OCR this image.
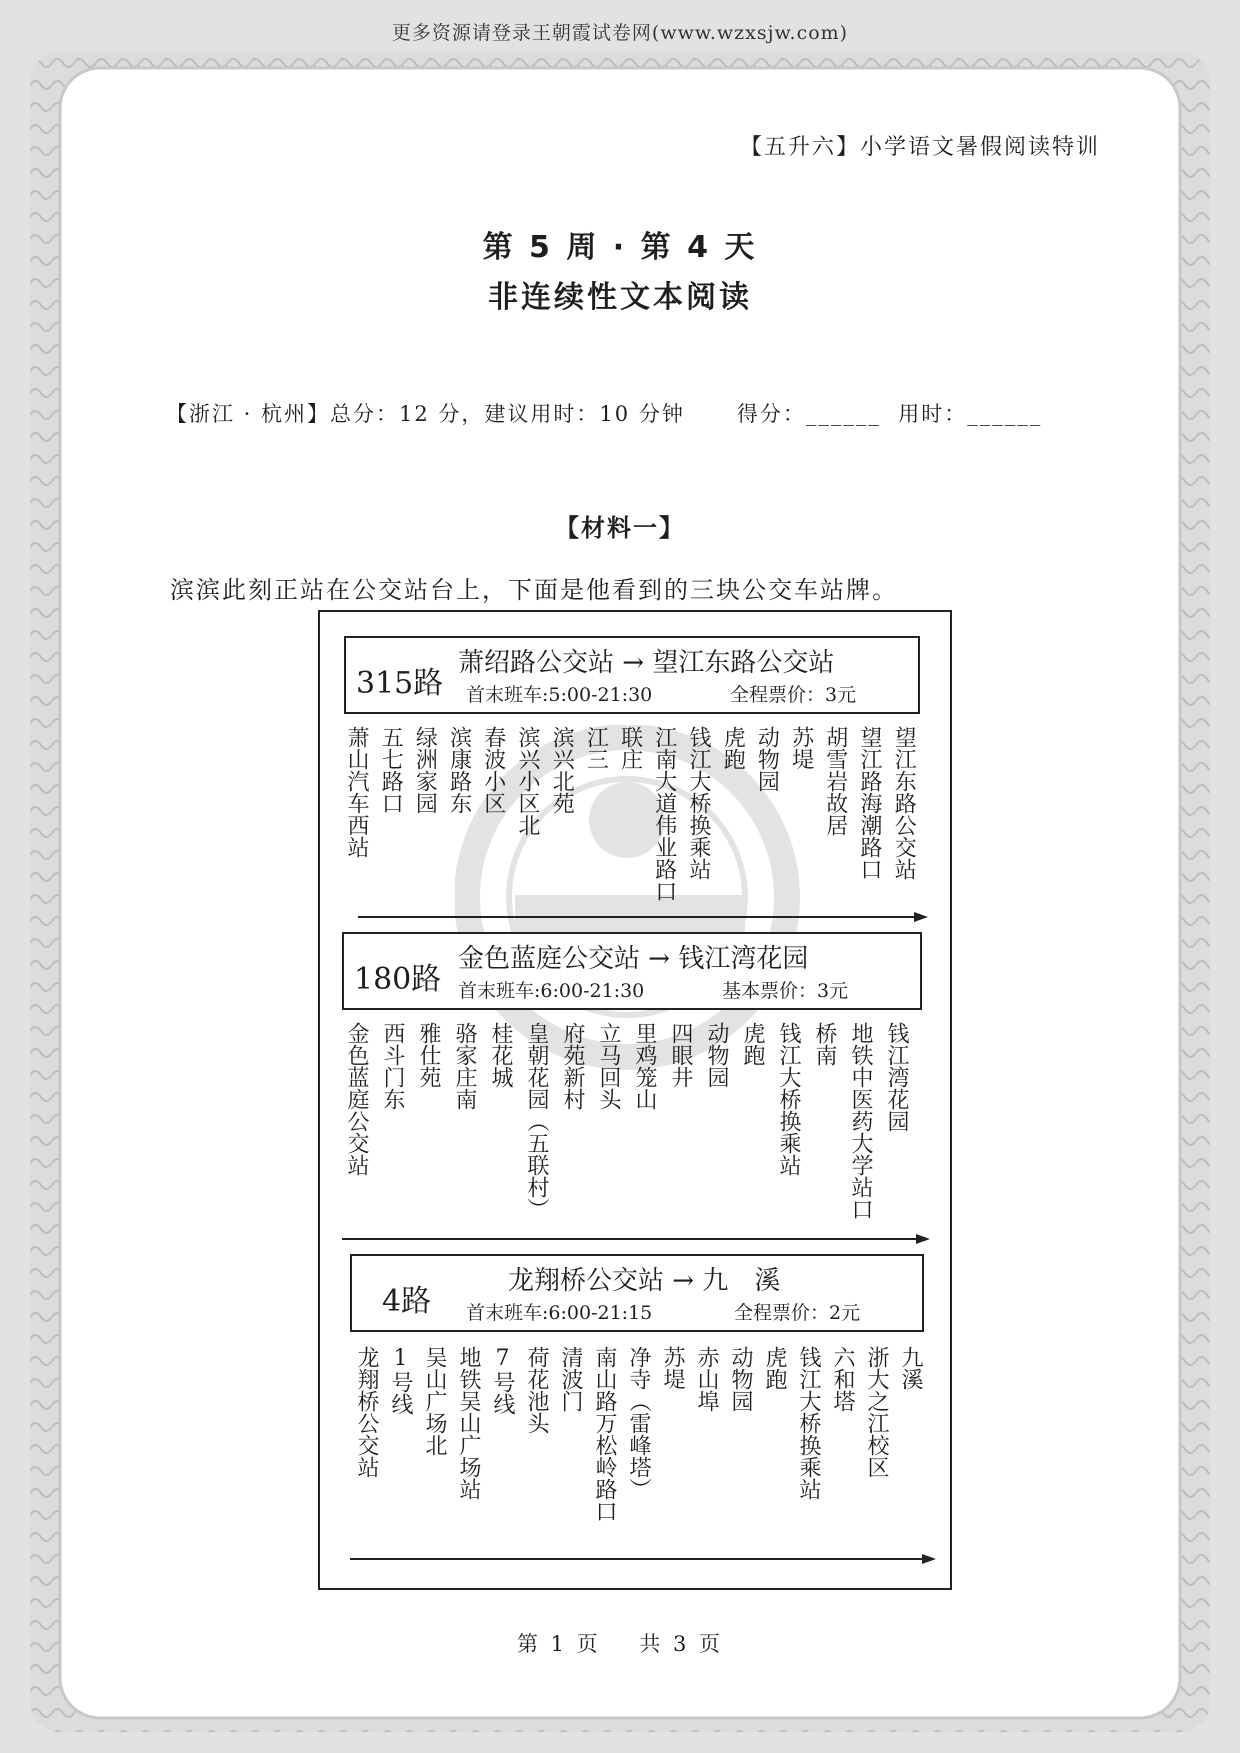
更多资源请登录王朝霞试卷网(www.wzxsjw.com)
【五升六】小学语文暑假阅读特训
第 5 周 · 第 4 天
非连续性文本阅读
【浙江 · 杭州】总分：12 分，建议用时：10 分钟      得分：______  用时：______
【材料一】
滨滨此刻正站在公交站台上，下面是他看到的三块公交车站牌。
315路
萧绍路公交站 → 望江东路公交站
首末班车:5:00-21:30	全程票价：3元
萧山汽车西站 五七路口 绿洲家园 滨康路东 春波小区 滨兴小区北 滨兴北苑 江三 联庄 江南大道伟业路口 钱江大桥换乘站 虎跑 动物园 苏堤 胡雪岩故居 望江路海潮路口 望江东路公交站
180路
金色蓝庭公交站 → 钱江湾花园
首末班车:6:00-21:30	基本票价：3元
金色蓝庭公交站 西斗门东 雅仕苑 骆家庄南 桂花城 皇朝花园（五联村） 府苑新村 立马回头 里鸡笼山 四眼井 动物园 虎跑 钱江大桥换乘站 桥南 地铁中医药大学站口 钱江湾花园
4路
龙翔桥公交站 → 九　溪
首末班车:6:00-21:15	全程票价：2元
龙翔桥公交站 1号线 吴山广场北 地铁吴山广场站 7号线 荷花池头 清波门 南山路万松岭路口 净寺（雷峰塔） 苏堤 赤山埠 动物园 虎跑 钱江大桥换乘站 六和塔 浙大之江校区 九溪
第 1 页    共 3 页
